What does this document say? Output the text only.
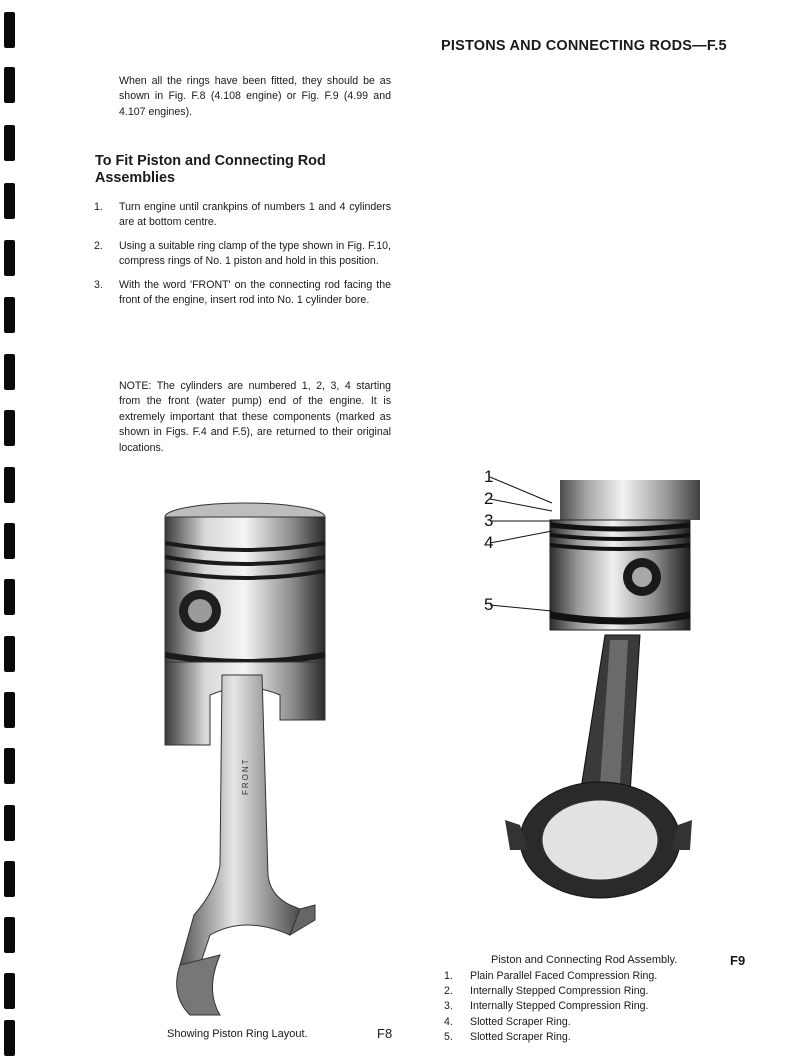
PISTONS AND CONNECTING RODS—F.5

When all the rings have been fitted, they should be as shown in Fig. F.8 (4.108 engine) or Fig. F.9 (4.99 and 4.107 engines).

To Fit Piston and Connecting Rod Assemblies
1.	Turn engine until crankpins of numbers 1 and 4 cylinders are at bottom centre.
2.	Using a suitable ring clamp of the type shown in Fig. F.10, compress rings of No. 1 piston and hold in this position.
3.	With the word 'FRONT' on the connecting rod facing the front of the engine, insert rod into No. 1 cylinder bore.

NOTE: The cylinders are numbered 1, 2, 3, 4 starting from the front (water pump) end of the engine. It is extremely important that these components (marked as shown in Figs. F.4 and F.5), are returned to their original locations.

FRONT
1
2
3
4
5
Piston and Connecting Rod Assembly.	F9
1.	Plain Parallel Faced Compression Ring.
2.	Internally Stepped Compression Ring.
3.	Internally Stepped Compression Ring.
4.	Slotted Scraper Ring.
5.	Slotted Scraper Ring.
Showing Piston Ring Layout.	F8
